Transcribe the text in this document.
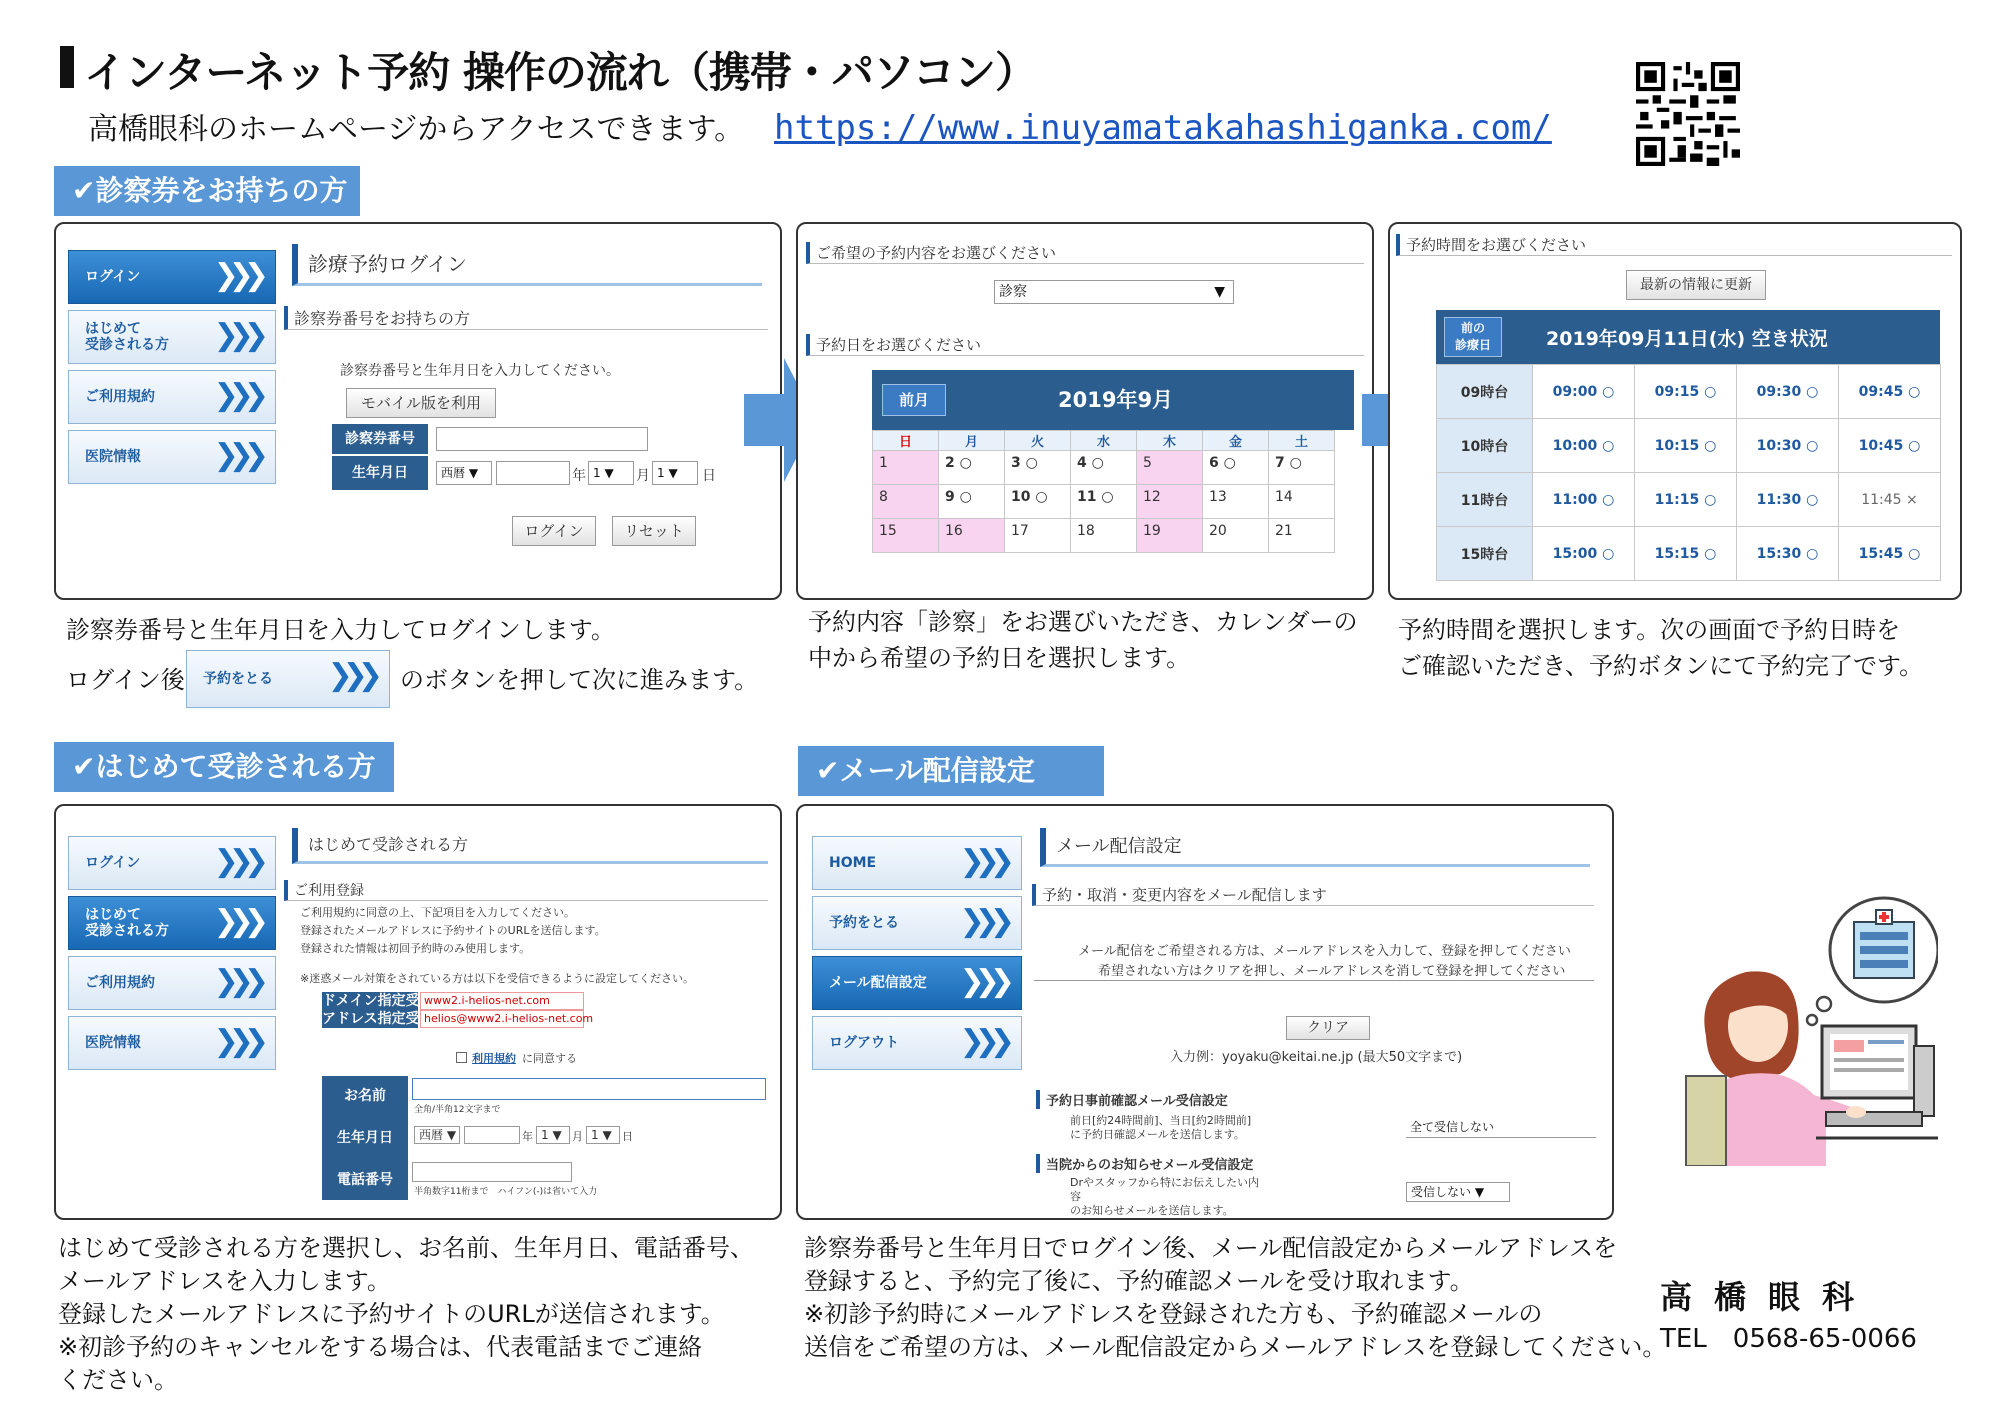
インターネット予約 操作の流れ（携帯・パソコン）
高橋眼科のホームページからアクセスできます。 https://www.inuyamatakahashiganka.com/
✔診察券をお持ちの方
ログイン ❯❯❯
はじめて
受診される方 ❯❯❯
ご利用規約 ❯❯❯
医院情報 ❯❯❯
診療予約ログイン
診察券番号をお持ちの方
診察券番号と生年月日を入力してください。
モバイル版を利用
診察券番号
生年月日	西暦 ▼	年 1 ▼	月 1 ▼	日
ログイン	リセット
ご希望の予約内容をお選びください
診察	▼
予約日をお選びください
前月	2019年9月
日	月	火	水	木	金	土
1	2 ○	3 ○	4 ○	5	6 ○	7 ○
8	9 ○	10 ○	11 ○	12	13	14
15	16	17	18	19	20	21
予約時間をお選びください
最新の情報に更新
前の
診療日	2019年09月11日(水) 空き状況
09時台	09:00 ○	09:15 ○	09:30 ○	09:45 ○
10時台	10:00 ○	10:15 ○	10:30 ○	10:45 ○
11時台	11:00 ○	11:15 ○	11:30 ○	11:45 ×
15時台	15:00 ○	15:15 ○	15:30 ○	15:45 ○
診察券番号と生年月日を入力してログインします。
ログイン後 予約をとる ❯❯❯ のボタンを押して次に進みます。
予約内容「診察」をお選びいただき、カレンダーの
中から希望の予約日を選択します。
予約時間を選択します。次の画面で予約日時を
ご確認いただき、予約ボタンにて予約完了です。
✔はじめて受診される方	✔メール配信設定
ログイン ❯❯❯
はじめて
受診される方 ❯❯❯
ご利用規約 ❯❯❯
医院情報 ❯❯❯
はじめて受診される方
ご利用登録
ご利用規約に同意の上、下記項目を入力してください。
登録されたメールアドレスに予約サイトのURLを送信します。
登録された情報は初回予約時のみ使用します。
※迷惑メール対策をされている方は以下を受信できるように設定してください。
ドメイン指定受信
www2.i-helios-net.com
アドレス指定受信
helios@www2.i-helios-net.com
利用規約 に同意する
お名前
全角/半角12文字まで
生年月日	西暦 ▼	年 1 ▼ 月 1 ▼ 日
電話番号
半角数字11桁まで　ハイフン(-)は省いて入力
HOME	❯❯❯
予約をとる ❯❯❯
メール配信設定 ❯❯❯
ログアウト ❯❯❯
メール配信設定
予約・取消・変更内容をメール配信します
メール配信をご希望される方は、メールアドレスを入力して、登録を押してください
希望されない方はクリアを押し、メールアドレスを消して登録を押してください
クリア
入力例：yoyaku@keitai.ne.jp (最大50文字まで)
予約日事前確認メール受信設定
前日[約24時間前]、当日[約2時間前]
に予約日確認メールを送信します。
全て受信しない
当院からのお知らせメール受信設定
Drやスタッフから特にお伝えしたい内
容
のお知らせメールを送信します。
受信しない ▼
はじめて受診される方を選択し、お名前、生年月日、電話番号、
メールアドレスを入力します。
登録したメールアドレスに予約サイトのURLが送信されます。
※初診予約のキャンセルをする場合は、代表電話までご連絡
ください。
診察券番号と生年月日でログイン後、メール配信設定からメールアドレスを
登録すると、予約完了後に、予約確認メールを受け取れます。
※初診予約時にメールアドレスを登録された方も、予約確認メールの
送信をご希望の方は、メール配信設定からメールアドレスを登録してください。
高橋眼科
TEL　0568-65-0066
